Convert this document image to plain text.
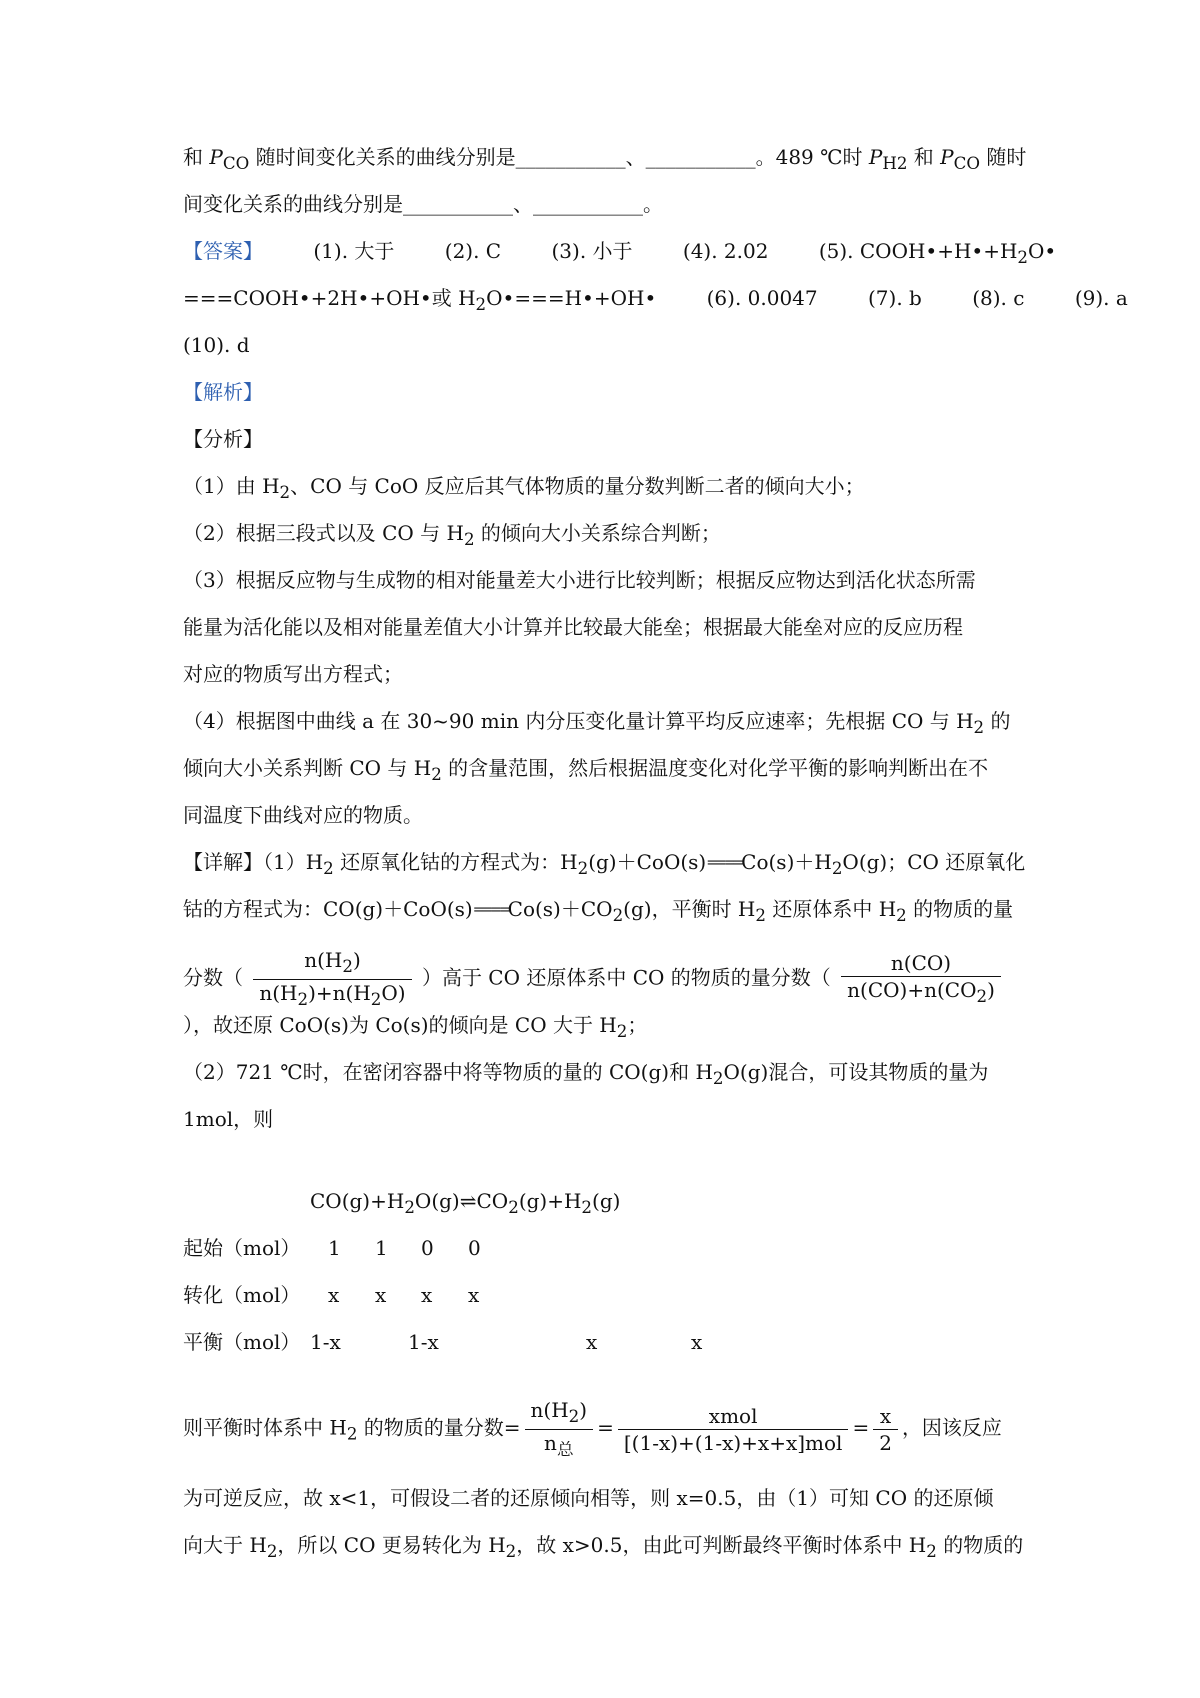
和 $P_{CO}$ 随时间变化关系的曲线分别是___________、___________。489 ℃时 $P_{H2}$ 和 $P_{CO}$ 随时
间变化关系的曲线分别是___________、___________。
【答案】	(1). 大于	(2). C	(3). 小于	(4). 2.02	(5). $COOH•+H•+H_2O•$
===COOH•+2H•+OH•或 $H_2O•===H•+OH•$	(6). 0.0047	(7). b	(8). c	(9). a
(10). d
【解析】
【分析】
（1）由 $H_2$、CO 与 CoO 反应后其气体物质的量分数判断二者的倾向大小；
（2）根据三段式以及 CO 与 $H_2$ 的倾向大小关系综合判断；
（3）根据反应物与生成物的相对能量差大小进行比较判断；根据反应物达到活化状态所需
能量为活化能以及相对能量差值大小计算并比较最大能垒；根据最大能垒对应的反应历程
对应的物质写出方程式；
（4）根据图中曲线 a 在 30~90 min 内分压变化量计算平均反应速率；先根据 CO 与 $H_2$ 的
倾向大小关系判断 CO 与 $H_2$ 的含量范围，然后根据温度变化对化学平衡的影响判断出在不
同温度下曲线对应的物质。
【详解】$(1)H_2$ 还原氧化钴的方程式为：$H_2(g)+CoO(s)====Co(s)+H_2O(g)$；CO 还原氧化
钴的方程式为：$CO(g)+CoO(s)====Co(s)+CO_2(g)$，平衡时 $H_2$ 还原体系中 $H_2$ 的物质的量
分数（ $\frac{n(H_2)}{n(H_2)+n(H_2O)}$ ）高于 CO 还原体系中 CO 的物质的量分数（ $\frac{n(CO)}{n(CO)+n(CO_2)}$
），故还原 CoO(s)为 Co(s)的倾向是 CO 大于 $H_2$；
（2）721 ℃时，在密闭容器中将等物质的量的 CO(g)和 $H_2O(g)$混合，可设其物质的量为
1mol，则
$CO(g)+H_2O(g)\rightleftharpoons CO_2(g)+H_2(g)$
起始（mol） 1 1 0 0
转化（mol） x x x x
平衡（mol） 1-x	1-x	x	x
则平衡时体系中 $H_2$ 的物质的量分数= $\frac{n(H_2)}{n_总} = \frac{\text{xmol}}{\text{[(1-x)+(1-x)+x+x]mol}} = \frac{x}{2}$ ，因该反应
为可逆反应，故 x<1，可假设二者的还原倾向相等，则 x=0.5，由（1）可知 CO 的还原倾
向大于 $H_2$，所以 CO 更易转化为 $H_2$，故 x>0.5，由此可判断最终平衡时体系中 $H_2$ 的物质的
